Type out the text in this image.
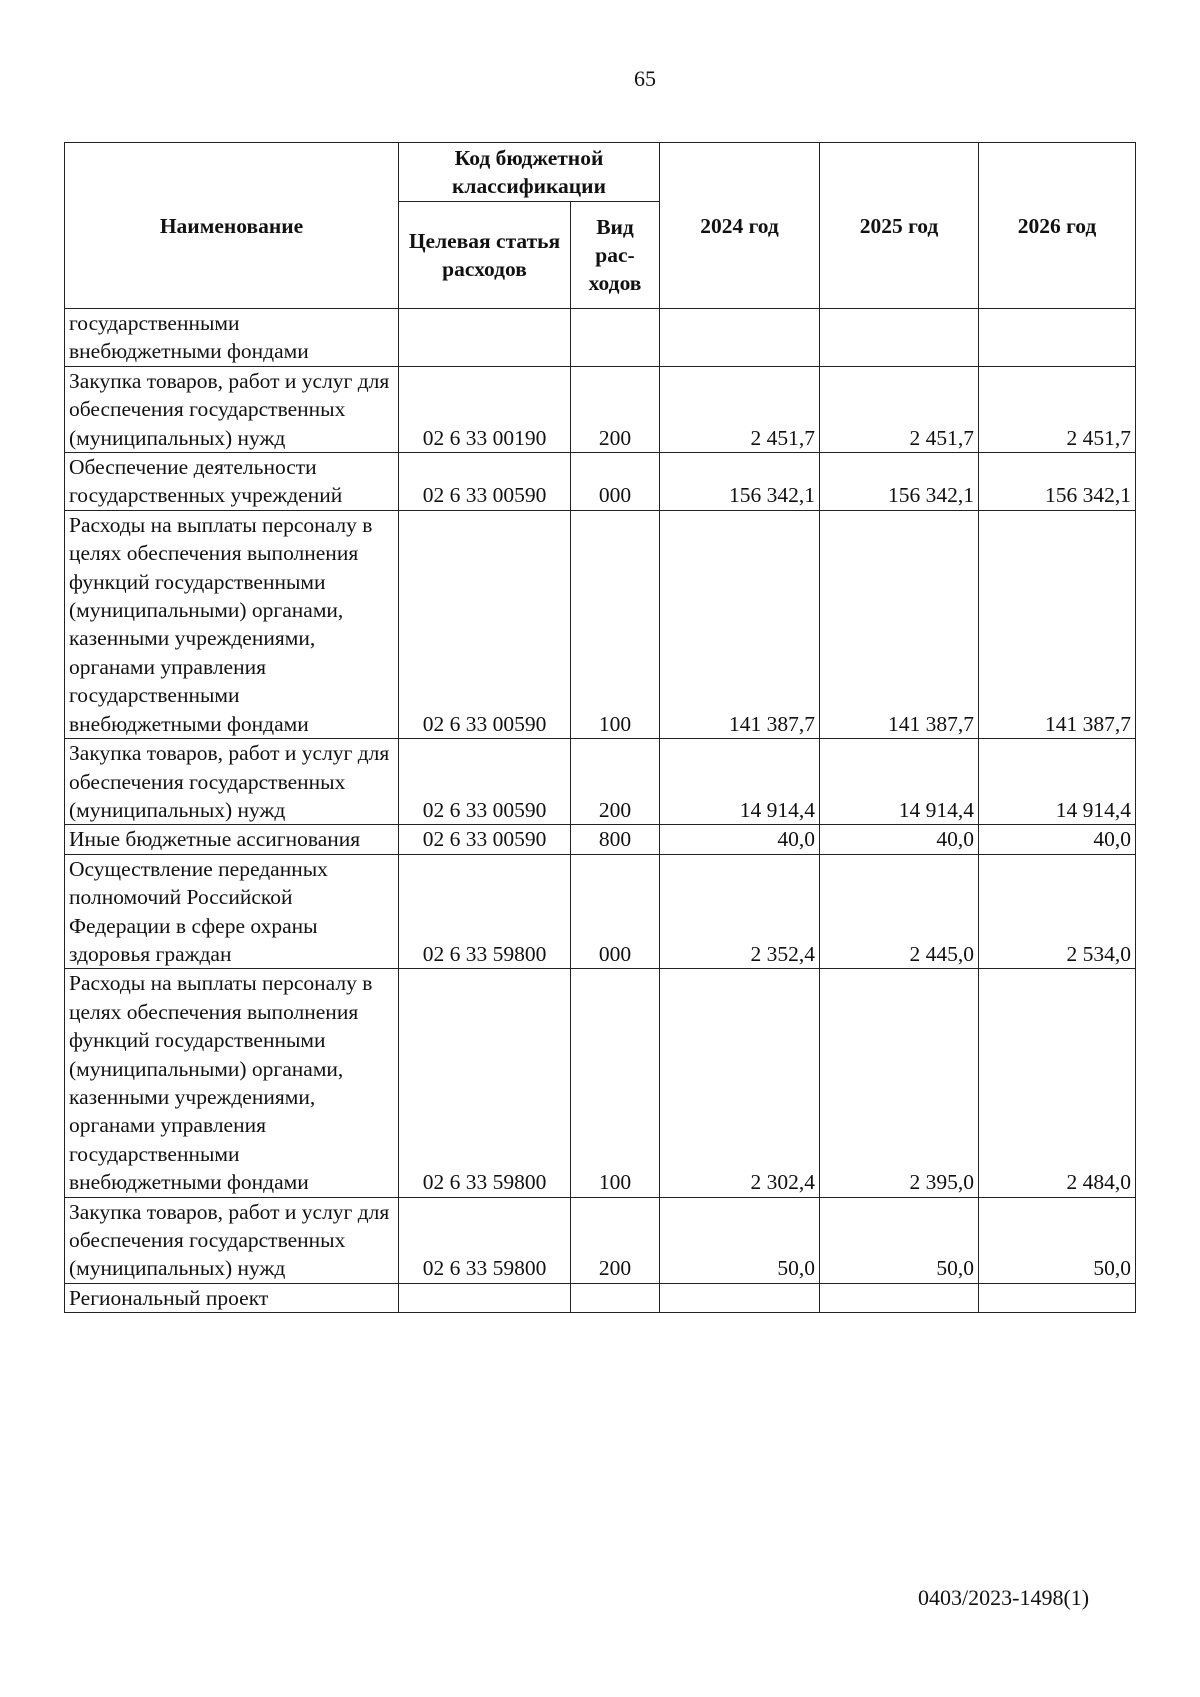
65
Наименование	Код бюджетной классификации		2024 год	2025 год	2026 год
	Целевая статья расходов	Вид рас-ходов			
государственными внебюджетными фондами					
Закупка товаров, работ и услуг для обеспечения государственных (муниципальных) нужд	02 6 33 00190	200	2 451,7	2 451,7	2 451,7
Обеспечение деятельности государственных учреждений	02 6 33 00590	000	156 342,1	156 342,1	156 342,1
Расходы на выплаты персоналу в целях обеспечения выполнения функций государственными (муниципальными) органами, казенными учреждениями, органами управления государственными внебюджетными фондами	02 6 33 00590	100	141 387,7	141 387,7	141 387,7
Закупка товаров, работ и услуг для обеспечения государственных (муниципальных) нужд	02 6 33 00590	200	14 914,4	14 914,4	14 914,4
Иные бюджетные ассигнования	02 6 33 00590	800	40,0	40,0	40,0
Осуществление переданных полномочий Российской Федерации в сфере охраны здоровья граждан	02 6 33 59800	000	2 352,4	2 445,0	2 534,0
Расходы на выплаты персоналу в целях обеспечения выполнения функций государственными (муниципальными) органами, казенными учреждениями, органами управления государственными внебюджетными фондами	02 6 33 59800	100	2 302,4	2 395,0	2 484,0
Закупка товаров, работ и услуг для обеспечения государственных (муниципальных) нужд	02 6 33 59800	200	50,0	50,0	50,0
Региональный проект					
0403/2023-1498(1)
